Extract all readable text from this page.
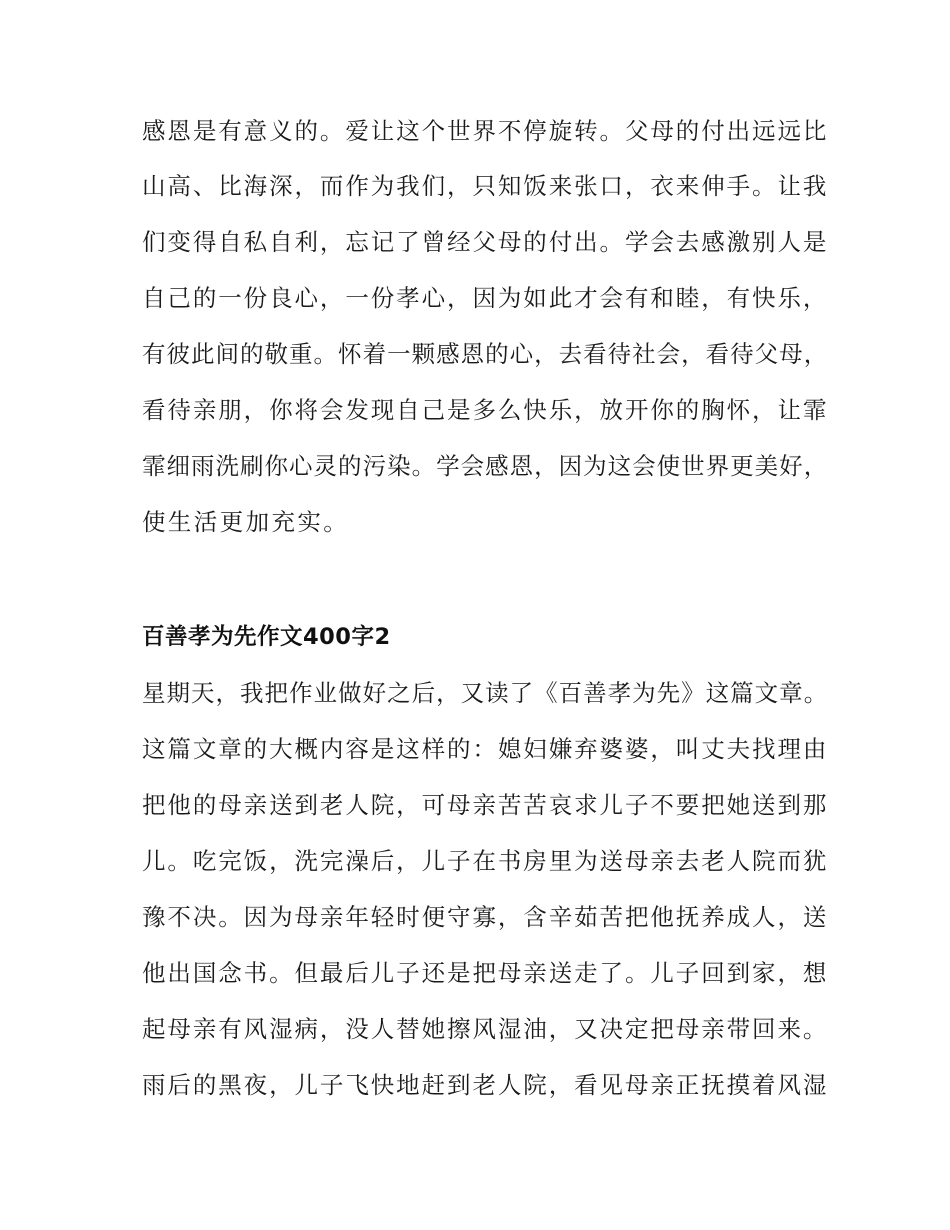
感恩是有意义的。爱让这个世界不停旋转。父母的付出远远比
山高、比海深，而作为我们，只知饭来张口，衣来伸手。让我
们变得自私自利，忘记了曾经父母的付出。学会去感激别人是
自己的一份良心，一份孝心，因为如此才会有和睦，有快乐，
有彼此间的敬重。怀着一颗感恩的心，去看待社会，看待父母，
看待亲朋，你将会发现自己是多么快乐，放开你的胸怀，让霏
霏细雨洗刷你心灵的污染。学会感恩，因为这会使世界更美好，
使生活更加充实。
百善孝为先作文400字2
星期天，我把作业做好之后，又读了《百善孝为先》这篇文章。
这篇文章的大概内容是这样的：媳妇嫌弃婆婆，叫丈夫找理由
把他的母亲送到老人院，可母亲苦苦哀求儿子不要把她送到那
儿。吃完饭，洗完澡后，儿子在书房里为送母亲去老人院而犹
豫不决。因为母亲年轻时便守寡，含辛茹苦把他抚养成人，送
他出国念书。但最后儿子还是把母亲送走了。儿子回到家，想
起母亲有风湿病，没人替她擦风湿油，又决定把母亲带回来。
雨后的黑夜，儿子飞快地赶到老人院，看见母亲正抚摸着风湿
